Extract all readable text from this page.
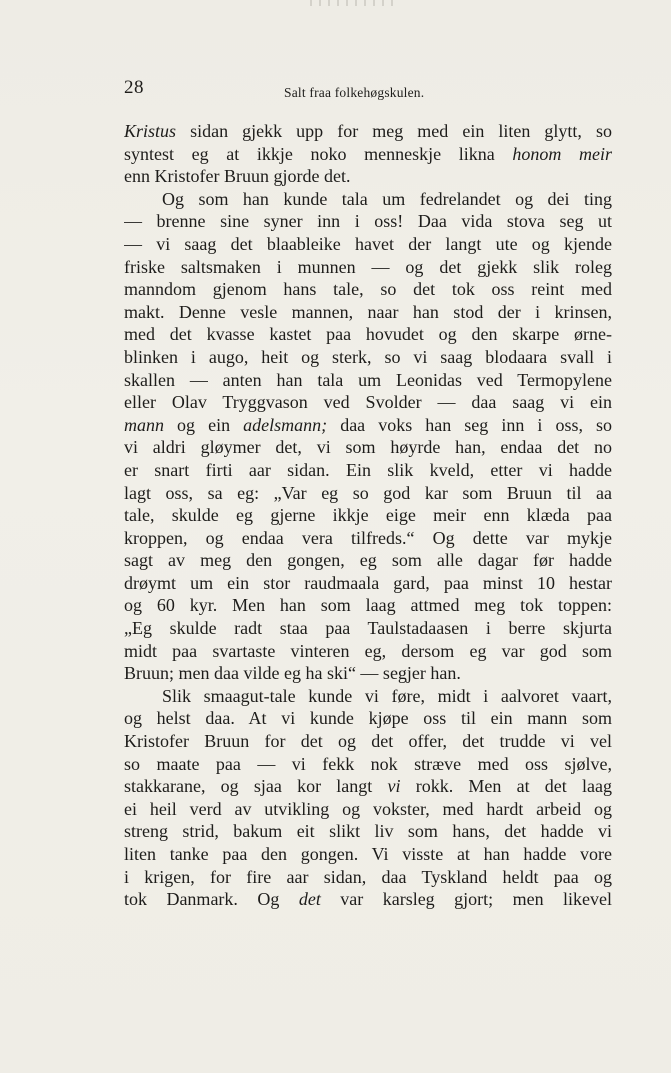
28	Salt fraa folkehøgskulen.
Kristus sidan gjekk upp for meg med ein liten glytt, so
syntest eg at ikkje noko menneskje likna honom meir
enn Kristofer Bruun gjorde det.
Og som han kunde tala um fedrelandet og dei ting
— brenne sine syner inn i oss! Daa vida stova seg ut
— vi saag det blaableike havet der langt ute og kjende
friske saltsmaken i munnen — og det gjekk slik roleg
manndom gjenom hans tale, so det tok oss reint med
makt. Denne vesle mannen, naar han stod der i krinsen,
med det kvasse kastet paa hovudet og den skarpe ørne-
blinken i augo, heit og sterk, so vi saag blodaara svall i
skallen — anten han tala um Leonidas ved Termopylene
eller Olav Tryggvason ved Svolder — daa saag vi ein
mann og ein adelsmann; daa voks han seg inn i oss, so
vi aldri gløymer det, vi som høyrde han, endaa det no
er snart firti aar sidan. Ein slik kveld, etter vi hadde
lagt oss, sa eg: „Var eg so god kar som Bruun til aa
tale, skulde eg gjerne ikkje eige meir enn klæda paa
kroppen, og endaa vera tilfreds.“ Og dette var mykje
sagt av meg den gongen, eg som alle dagar før hadde
drøymt um ein stor raudmaala gard, paa minst 10 hestar
og 60 kyr. Men han som laag attmed meg tok toppen:
„Eg skulde radt staa paa Taulstadaasen i berre skjurta
midt paa svartaste vinteren eg, dersom eg var god som
Bruun; men daa vilde eg ha ski“ — segjer han.
Slik smaagut-tale kunde vi føre, midt i aalvoret vaart,
og helst daa. At vi kunde kjøpe oss til ein mann som
Kristofer Bruun for det og det offer, det trudde vi vel
so maate paa — vi fekk nok stræve med oss sjølve,
stakkarane, og sjaa kor langt vi rokk. Men at det laag
ei heil verd av utvikling og vokster, med hardt arbeid og
streng strid, bakum eit slikt liv som hans, det hadde vi
liten tanke paa den gongen. Vi visste at han hadde vore
i krigen, for fire aar sidan, daa Tyskland heldt paa og
tok Danmark. Og det var karsleg gjort; men likevel
